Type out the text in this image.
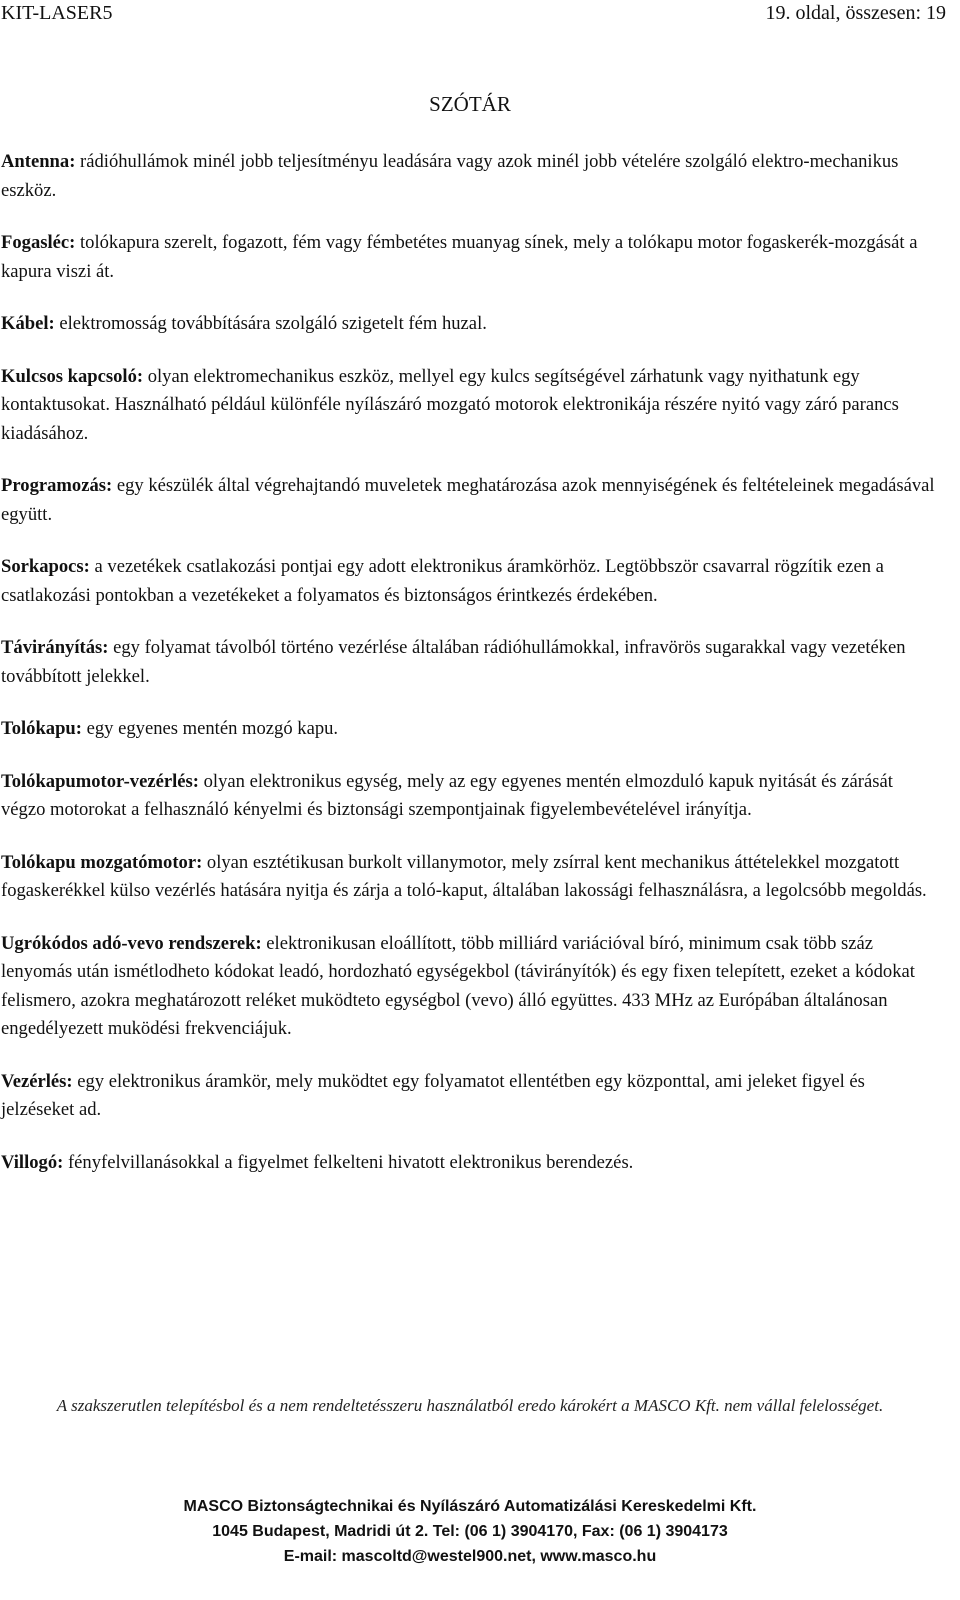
KIT-LASER5	19. oldal, összesen: 19
SZÓTÁR

Antenna: rádióhullámok minél jobb teljesítményu leadására vagy azok minél jobb vételére szolgáló elektro-mechanikus eszköz.

Fogasléc: tolókapura szerelt, fogazott, fém vagy fémbetétes muanyag sínek, mely a tolókapu motor fogaskerék-mozgását a kapura viszi át.

Kábel: elektromosság továbbítására szolgáló szigetelt fém huzal.

Kulcsos kapcsoló: olyan elektromechanikus eszköz, mellyel egy kulcs segítségével zárhatunk vagy nyithatunk egy kontaktusokat. Használható például különféle nyílászáró mozgató motorok elektronikája részére nyitó vagy záró parancs kiadásához.

Programozás: egy készülék által végrehajtandó muveletek meghatározása azok mennyiségének és feltételeinek megadásával együtt.

Sorkapocs: a vezetékek csatlakozási pontjai egy adott elektronikus áramkörhöz. Legtöbbször csavarral rögzítik ezen a csatlakozási pontokban a vezetékeket a folyamatos és biztonságos érintkezés érdekében.

Távirányítás: egy folyamat távolból történo vezérlése általában rádióhullámokkal, infravörös sugarakkal vagy vezetéken továbbított jelekkel.

Tolókapu: egy egyenes mentén mozgó kapu.

Tolókapumotor-vezérlés: olyan elektronikus egység, mely az egy egyenes mentén elmozduló kapuk nyitását és zárását végzo motorokat a felhasználó kényelmi és biztonsági szempontjainak figyelembevételével irányítja.

Tolókapu mozgatómotor: olyan esztétikusan burkolt villanymotor, mely zsírral kent mechanikus áttételekkel mozgatott fogaskerékkel külso vezérlés hatására nyitja és zárja a toló-kaput, általában lakossági felhasználásra, a legolcsóbb megoldás.

Ugrókódos adó-vevo rendszerek: elektronikusan eloállított, több milliárd variációval bíró, minimum csak több száz lenyomás után ismétlodheto kódokat leadó, hordozható egységekbol (távirányítók) és egy fixen telepített, ezeket a kódokat felismero, azokra meghatározott reléket muködteto egységbol (vevo) álló együttes. 433 MHz az Európában általánosan engedélyezett muködési frekvenciájuk.

Vezérlés: egy elektronikus áramkör, mely muködtet egy folyamatot ellentétben egy központtal, ami jeleket figyel és jelzéseket ad.

Villogó: fényfelvillanásokkal a figyelmet felkelteni hivatott elektronikus berendezés.

A szakszerutlen telepítésbol és a nem rendeltetésszeru használatból eredo károkért a MASCO Kft. nem vállal felelosséget.
MASCO Biztonságtechnikai és Nyílászáró Automatizálási Kereskedelmi Kft.
1045 Budapest, Madridi út 2. Tel: (06 1) 3904170, Fax: (06 1) 3904173
E-mail: mascoltd@westel900.net, www.masco.hu
